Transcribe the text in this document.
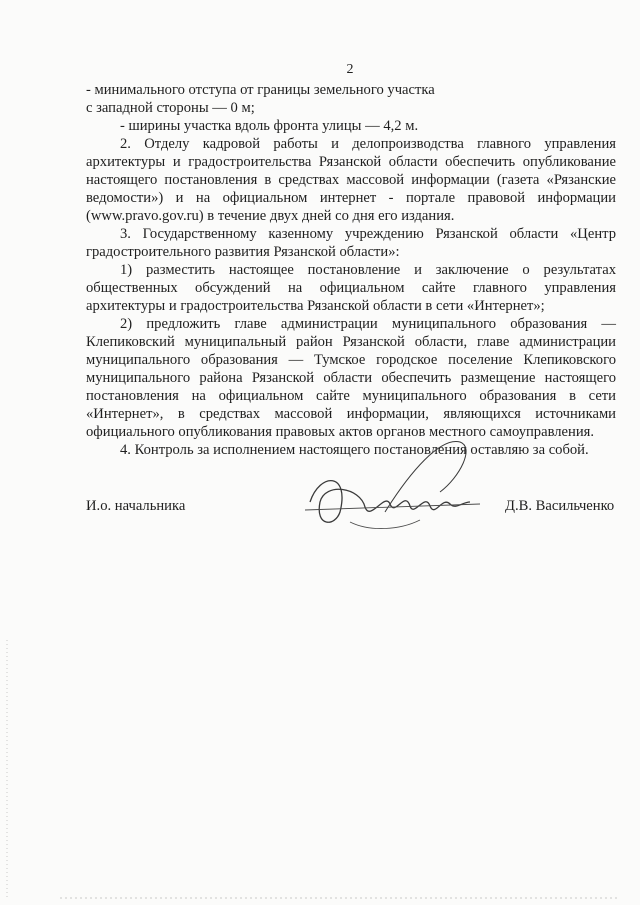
2
- минимального отступа от границы земельного участка
с западной стороны — 0 м;
- ширины участка вдоль фронта улицы — 4,2 м.
2. Отделу кадровой работы и делопроизводства главного управления
архитектуры и градостроительства Рязанской области обеспечить опубликование
настоящего постановления в средствах массовой информации (газета «Рязанские
ведомости») и на официальном интернет - портале правовой информации
(www.pravo.gov.ru) в течение двух дней со дня его издания.
3. Государственному казенному учреждению Рязанской области «Центр
градостроительного развития Рязанской области»:
1) разместить настоящее постановление и заключение о результатах
общественных обсуждений на официальном сайте главного управления
архитектуры и градостроительства Рязанской области в сети «Интернет»;
2) предложить главе администрации муниципального образования —
Клепиковский муниципальный район Рязанской области, главе администрации
муниципального образования — Тумское городское поселение Клепиковского
муниципального района Рязанской области обеспечить размещение настоящего
постановления на официальном сайте муниципального образования в сети
«Интернет», в средствах массовой информации, являющихся источниками
официального опубликования правовых актов органов местного самоуправления.
4. Контроль за исполнением настоящего постановления оставляю за собой.
И.о. начальника	Д.В. Васильченко
